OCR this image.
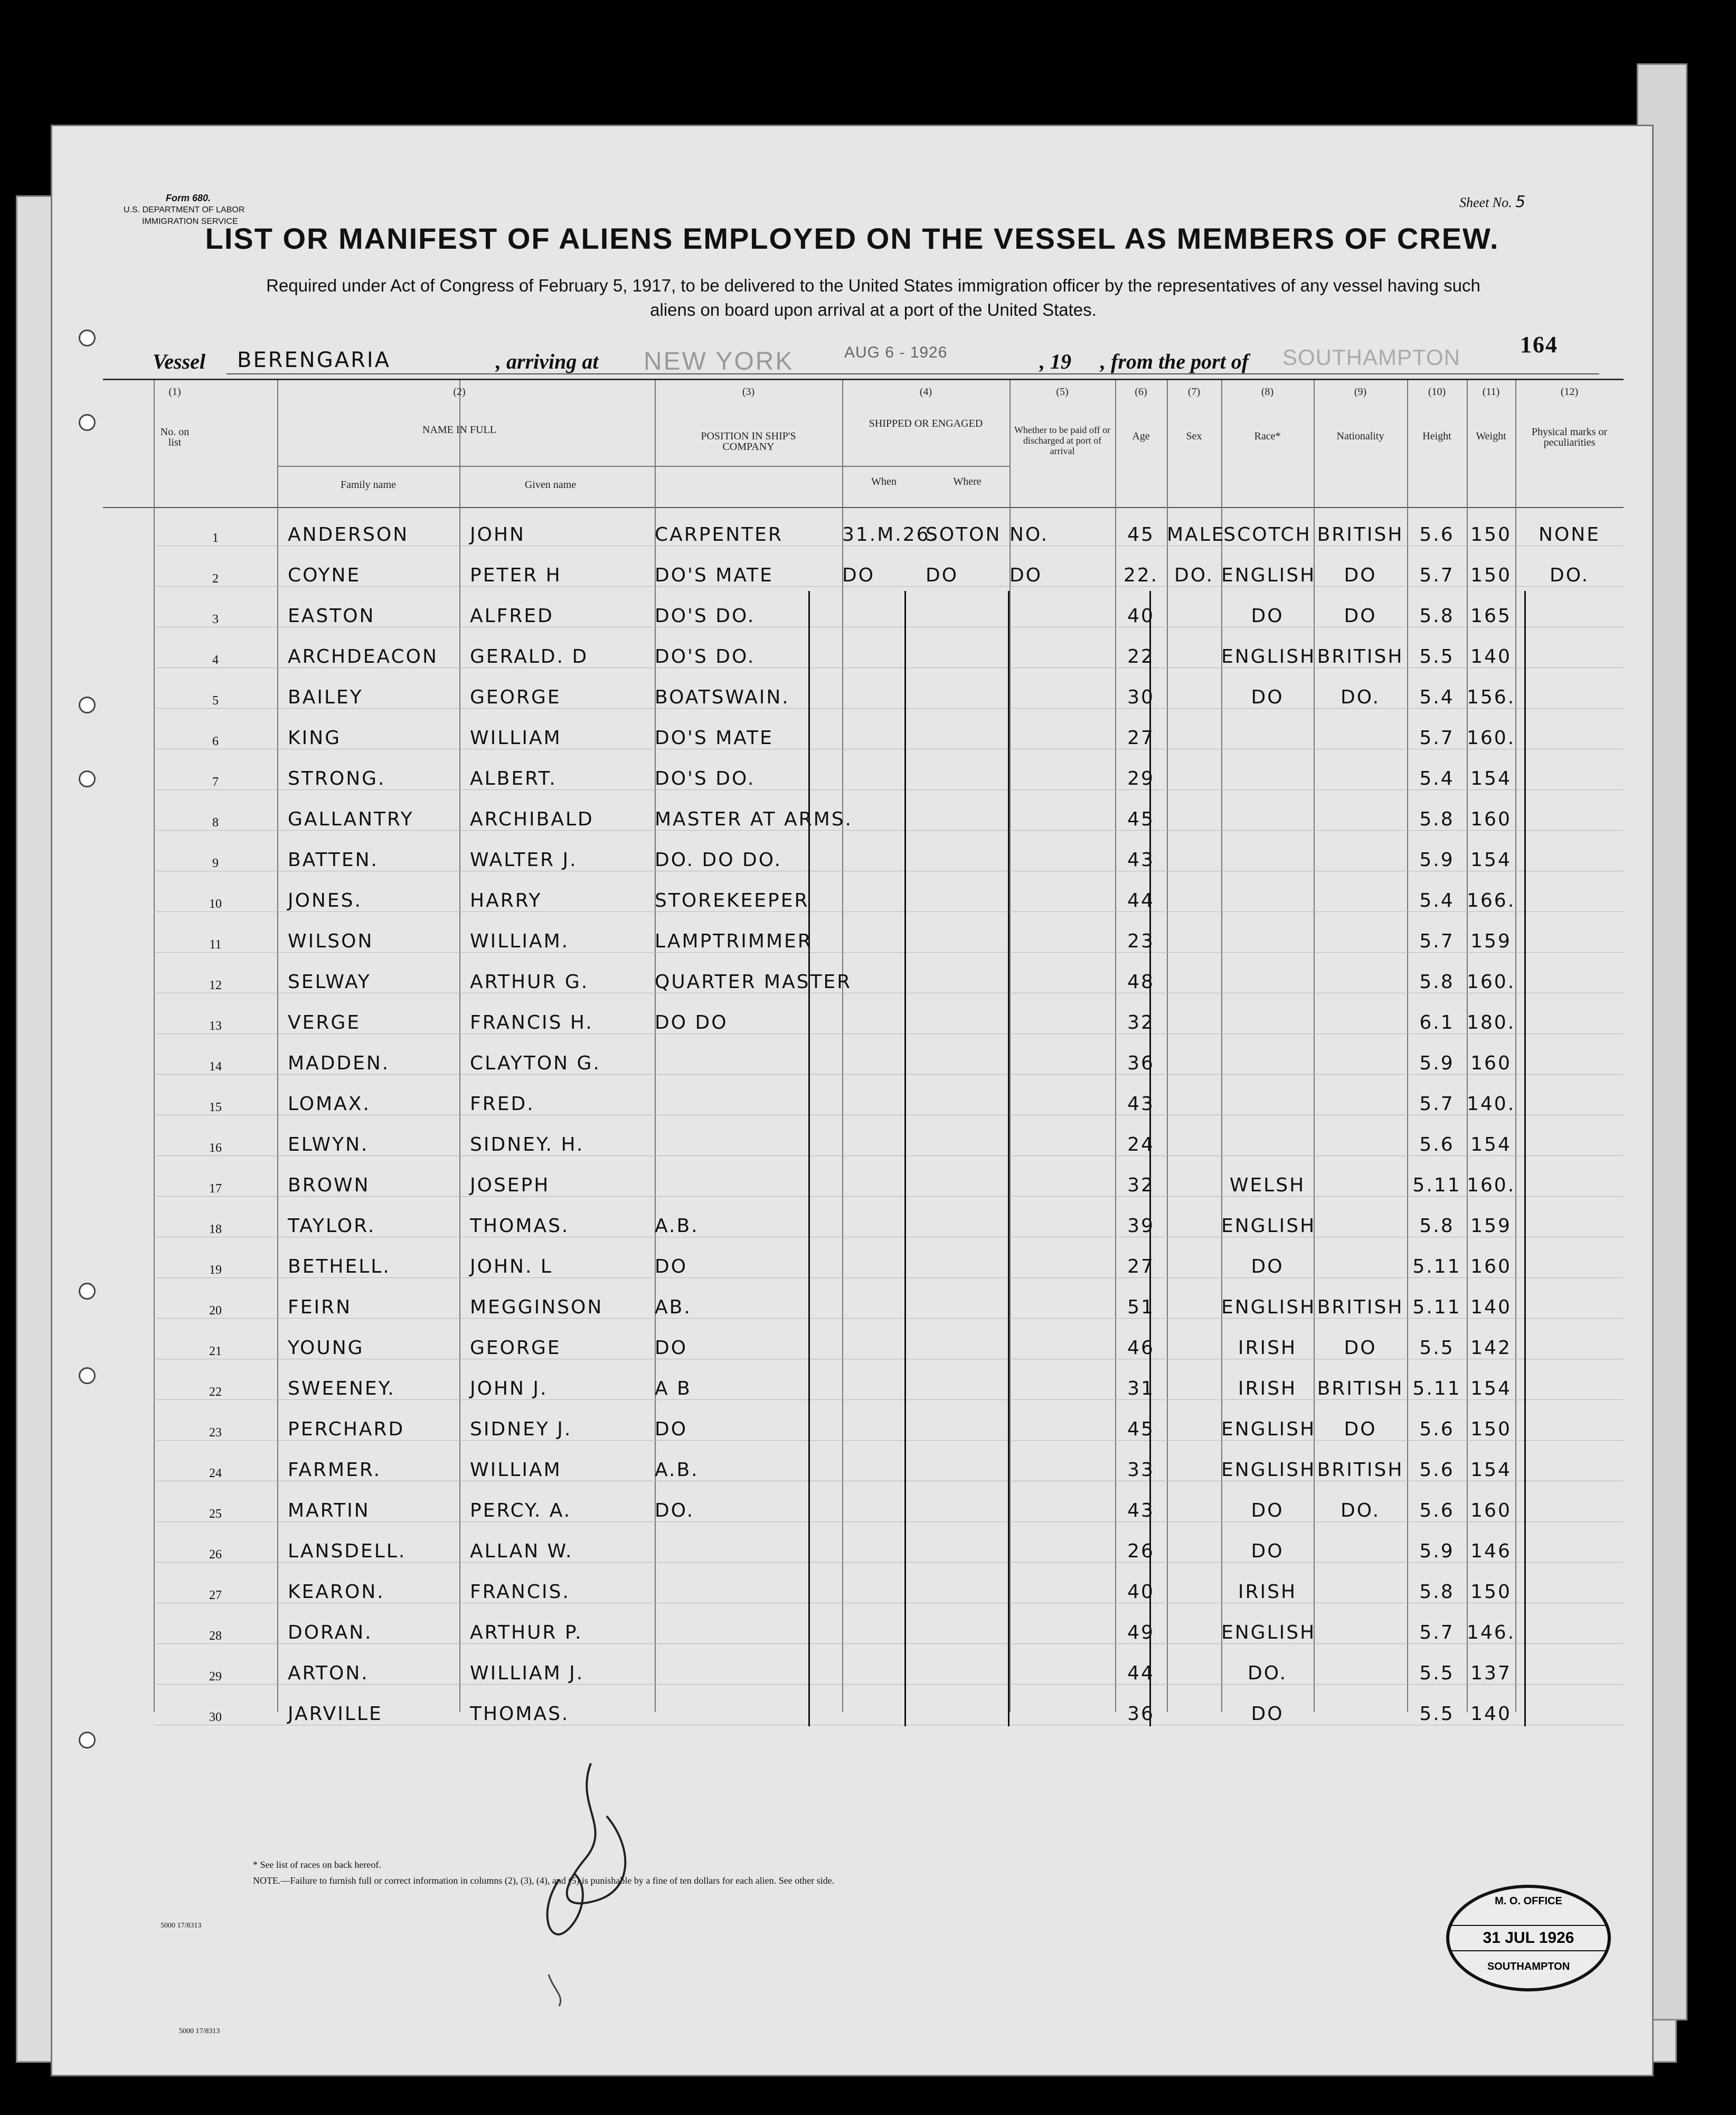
Form 680.
U.S. DEPARTMENT OF LABOR
IMMIGRATION SERVICE
Sheet No. 5
LIST OR MANIFEST OF ALIENS EMPLOYED ON THE VESSEL AS MEMBERS OF CREW.
Required under Act of Congress of February 5, 1917, to be delivered to the United States immigration officer by the representatives of any vessel having such
aliens on board upon arrival at a port of the United States.
Vessel BERENGARIA	, arriving at NEW YORK	AUG 6 - 1926	, 19 , from the port of SOUTHAMPTON	164
(1)
No. on list
(2)
NAME IN FULL
Family name	Given name
(3)
POSITION IN SHIP'S COMPANY
(4)
SHIPPED OR ENGAGED
When	Where
(5)
Whether to be paid off or discharged at port of arrival
(6)
Age
(7)
Sex
(8)
Race*
(9)
Nationality
(10)
Height
(11)
Weight
(12)
Physical marks or peculiarities
1	ANDERSON	JOHN	CARPENTER	31.M.26.	SOTON	NO.	45	MALE	SCOTCH	BRITISH	5.6	150	NONE
2	COYNE	PETER H	DO'S MATE	DO	DO	DO	22.	DO.	ENGLISH	DO	5.7	150	DO.
3	EASTON	ALFRED	DO'S DO.				40		DO	DO	5.8	165	
4	ARCHDEACON	GERALD. D	DO'S DO.				22		ENGLISH	BRITISH	5.5	140	
5	BAILEY	GEORGE	BOATSWAIN.				30		DO	DO.	5.4	156.	
6	KING	WILLIAM	DO'S MATE				27				5.7	160.	
7	STRONG.	ALBERT.	DO'S DO.				29				5.4	154	
8	GALLANTRY	ARCHIBALD	MASTER AT ARMS.				45				5.8	160	
9	BATTEN.	WALTER J.	DO. DO DO.				43				5.9	154	
10	JONES.	HARRY	STOREKEEPER				44				5.4	166.	
11	WILSON	WILLIAM.	LAMPTRIMMER				23				5.7	159	
12	SELWAY	ARTHUR G.	QUARTER MASTER				48				5.8	160.	
13	VERGE	FRANCIS H.	DO DO				32				6.1	180.	
14	MADDEN.	CLAYTON G.					36				5.9	160	
15	LOMAX.	FRED.					43				5.7	140.	
16	ELWYN.	SIDNEY. H.					24				5.6	154	
17	BROWN	JOSEPH					32		WELSH		5.11	160.	
18	TAYLOR.	THOMAS.	A.B.				39		ENGLISH		5.8	159	
19	BETHELL.	JOHN. L	DO				27		DO		5.11	160	
20	FEIRN	MEGGINSON	AB.				51		ENGLISH	BRITISH	5.11	140	
21	YOUNG	GEORGE	DO				46		IRISH	DO	5.5	142	
22	SWEENEY.	JOHN J.	A B				31		IRISH	BRITISH	5.11	154	
23	PERCHARD	SIDNEY J.	DO				45		ENGLISH	DO	5.6	150	
24	FARMER.	WILLIAM	A.B.				33		ENGLISH	BRITISH	5.6	154	
25	MARTIN	PERCY. A.	DO.				43		DO	DO.	5.6	160	
26	LANSDELL.	ALLAN W.					26		DO		5.9	146	
27	KEARON.	FRANCIS.					40		IRISH		5.8	150	
28	DORAN.	ARTHUR P.					49		ENGLISH		5.7	146.	
29	ARTON.	WILLIAM J.					44		DO.		5.5	137	
30	JARVILLE	THOMAS.					36		DO		5.5	140	
* See list of races on back hereof.
NOTE.—Failure to furnish full or correct information in columns (2), (3), (4), and (5) is punishable by a fine of ten dollars for each alien. See other side.
5000 17/8313
5000 17/8313
M. O. OFFICE
31 JUL 1926
SOUTHAMPTON
